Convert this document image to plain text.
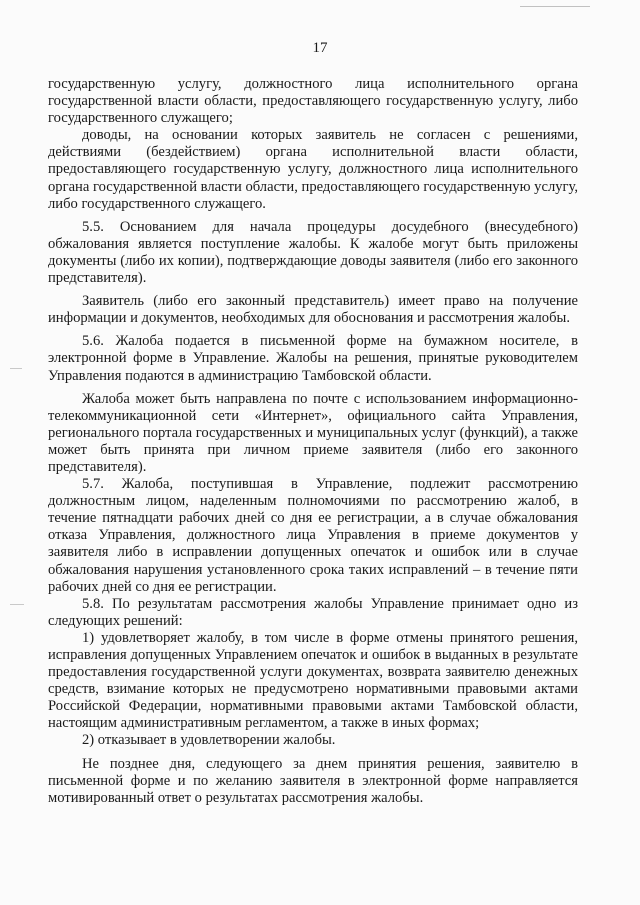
17

государственную услугу, должностного лица исполнительного органа государственной власти области, предоставляющего государственную услугу, либо государственного служащего;

доводы, на основании которых заявитель не согласен с решениями, действиями (бездействием) органа исполнительной власти области, предоставляющего государственную услугу, должностного лица исполнительного органа государственной власти области, предоставляющего государственную услугу, либо государственного служащего.

5.5. Основанием для начала процедуры досудебного (внесудебного) обжалования является поступление жалобы. К жалобе могут быть приложены документы (либо их копии), подтверждающие доводы заявителя (либо его законного представителя).

Заявитель (либо его законный представитель) имеет право на получение информации и документов, необходимых для обоснования и рассмотрения жалобы.

5.6. Жалоба подается в письменной форме на бумажном носителе, в электронной форме в Управление. Жалобы на решения, принятые руководителем Управления подаются в администрацию Тамбовской области.

Жалоба может быть направлена по почте с использованием информационно-телекоммуникационной сети «Интернет», официального сайта Управления, регионального портала государственных и муниципальных услуг (функций), а также может быть принята при личном приеме заявителя (либо его законного представителя).

5.7. Жалоба, поступившая в Управление, подлежит рассмотрению должностным лицом, наделенным полномочиями по рассмотрению жалоб, в течение пятнадцати рабочих дней со дня ее регистрации, а в случае обжалования отказа Управления, должностного лица Управления в приеме документов у заявителя либо в исправлении допущенных опечаток и ошибок или в случае обжалования нарушения установленного срока таких исправлений – в течение пяти рабочих дней со дня ее регистрации.

5.8. По результатам рассмотрения жалобы Управление принимает одно из следующих решений:

1) удовлетворяет жалобу, в том числе в форме отмены принятого решения, исправления допущенных Управлением опечаток и ошибок в выданных в результате предоставления государственной услуги документах, возврата заявителю денежных средств, взимание которых не предусмотрено нормативными правовыми актами Российской Федерации, нормативными правовыми актами Тамбовской области, настоящим административным регламентом, а также в иных формах;

2) отказывает в удовлетворении жалобы.

Не позднее дня, следующего за днем принятия решения, заявителю в письменной форме и по желанию заявителя в электронной форме направляется мотивированный ответ о результатах рассмотрения жалобы.
